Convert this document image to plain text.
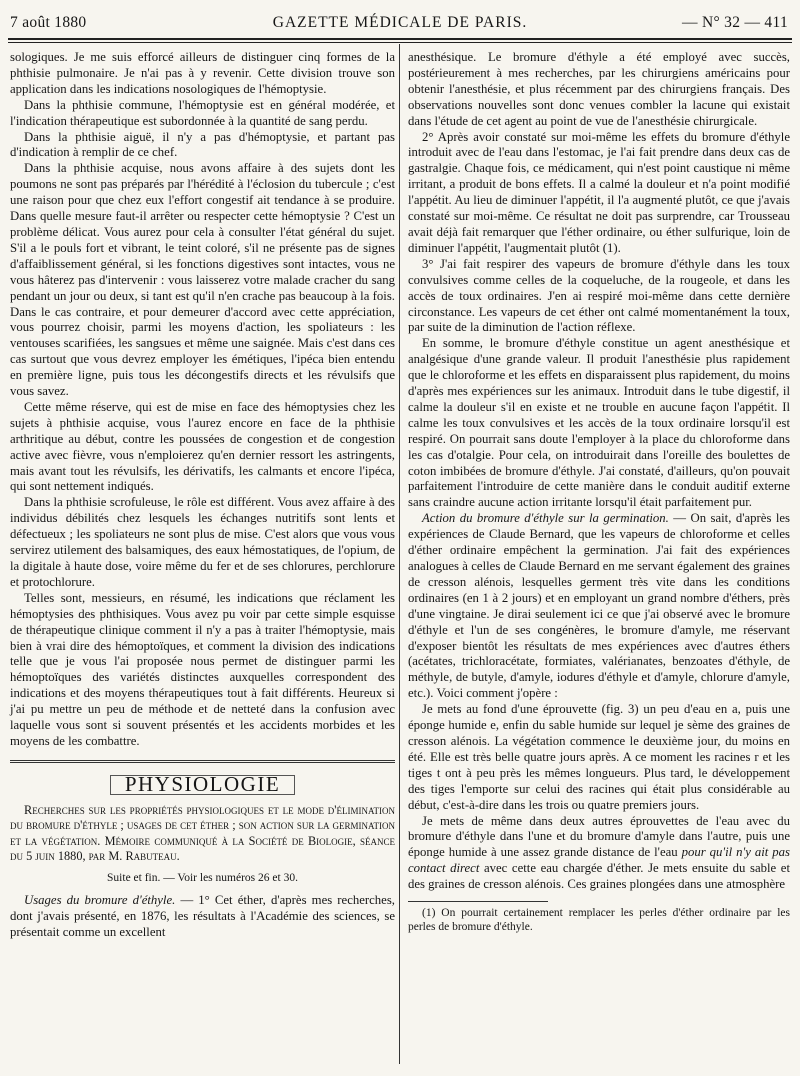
7 août 1880	GAZETTE MÉDICALE DE PARIS.	— N° 32 — 411

sologiques. Je me suis efforcé ailleurs de distinguer cinq formes de la phthisie pulmonaire. Je n'ai pas à y revenir. Cette division trouve son application dans les indications nosologiques de l'hémoptysie.

Dans la phthisie commune, l'hémoptysie est en général modérée, et l'indication thérapeutique est subordonnée à la quantité de sang perdu.

Dans la phthisie aiguë, il n'y a pas d'hémoptysie, et partant pas d'indication à remplir de ce chef.

Dans la phthisie acquise, nous avons affaire à des sujets dont les poumons ne sont pas préparés par l'hérédité à l'éclosion du tubercule ; c'est une raison pour que chez eux l'effort congestif ait tendance à se produire. Dans quelle mesure faut-il arrêter ou respecter cette hémoptysie ? C'est un problème délicat. Vous aurez pour cela à consulter l'état général du sujet. S'il a le pouls fort et vibrant, le teint coloré, s'il ne présente pas de signes d'affaiblissement général, si les fonctions digestives sont intactes, vous ne vous hâterez pas d'intervenir : vous laisserez votre malade cracher du sang pendant un jour ou deux, si tant est qu'il n'en crache pas beaucoup à la fois. Dans le cas contraire, et pour demeurer d'accord avec cette appréciation, vous pourrez choisir, parmi les moyens d'action, les spoliateurs : les ventouses scarifiées, les sangsues et même une saignée. Mais c'est dans ces cas surtout que vous devrez employer les émétiques, l'ipéca bien entendu en première ligne, puis tous les décongestifs directs et les révulsifs que vous savez.

Cette même réserve, qui est de mise en face des hémoptysies chez les sujets à phthisie acquise, vous l'aurez encore en face de la phthisie arthritique au début, contre les poussées de congestion et de congestion active avec fièvre, vous n'emploierez qu'en dernier ressort les astringents, mais avant tout les révulsifs, les dérivatifs, les calmants et encore l'ipéca, qui sont nettement indiqués.

Dans la phthisie scrofuleuse, le rôle est différent. Vous avez affaire à des individus débilités chez lesquels les échanges nutritifs sont lents et défectueux ; les spoliateurs ne sont plus de mise. C'est alors que vous vous servirez utilement des balsamiques, des eaux hémostatiques, de l'opium, de la digitale à haute dose, voire même du fer et de ses chlorures, perchlorure et protochlorure.

Telles sont, messieurs, en résumé, les indications que réclament les hémoptysies des phthisiques. Vous avez pu voir par cette simple esquisse de thérapeutique clinique comment il n'y a pas à traiter l'hémoptysie, mais bien à vrai dire des hémoptoïques, et comment la division des indications telle que je vous l'ai proposée nous permet de distinguer parmi les hémoptoïques des variétés distinctes auxquelles correspondent des indications et des moyens thérapeutiques tout à fait différents. Heureux si j'ai pu mettre un peu de méthode et de netteté dans la confusion avec laquelle vous sont si souvent présentés et les accidents morbides et les moyens de les combattre.

PHYSIOLOGIE

Recherches sur les propriétés physiologiques et le mode d'élimination du bromure d'éthyle ; usages de cet éther ; son action sur la germination et la végétation. Mémoire communiqué à la Société de Biologie, séance du 5 juin 1880, par M. Rabuteau.

Suite et fin. — Voir les numéros 26 et 30.

Usages du bromure d'éthyle. — 1° Cet éther, d'après mes recherches, dont j'avais présenté, en 1876, les résultats à l'Académie des sciences, se présentait comme un excellent

anesthésique. Le bromure d'éthyle a été employé avec succès, postérieurement à mes recherches, par les chirurgiens américains pour obtenir l'anesthésie, et plus récemment par des chirurgiens français. Des observations nouvelles sont donc venues combler la lacune qui existait dans l'étude de cet agent au point de vue de l'anesthésie chirurgicale.

2° Après avoir constaté sur moi-même les effets du bromure d'éthyle introduit avec de l'eau dans l'estomac, je l'ai fait prendre dans deux cas de gastralgie. Chaque fois, ce médicament, qui n'est point caustique ni même irritant, a produit de bons effets. Il a calmé la douleur et n'a point modifié l'appétit. Au lieu de diminuer l'appétit, il l'a augmenté plutôt, ce que j'avais constaté sur moi-même. Ce résultat ne doit pas surprendre, car Trousseau avait déjà fait remarquer que l'éther ordinaire, ou éther sulfurique, loin de diminuer l'appétit, l'augmentait plutôt (1).

3° J'ai fait respirer des vapeurs de bromure d'éthyle dans les toux convulsives comme celles de la coqueluche, de la rougeole, et dans les accès de toux ordinaires. J'en ai respiré moi-même dans cette dernière circonstance. Les vapeurs de cet éther ont calmé momentanément la toux, par suite de la diminution de l'action réflexe.

En somme, le bromure d'éthyle constitue un agent anesthésique et analgésique d'une grande valeur. Il produit l'anesthésie plus rapidement que le chloroforme et les effets en disparaissent plus rapidement, du moins d'après mes expériences sur les animaux. Introduit dans le tube digestif, il calme la douleur s'il en existe et ne trouble en aucune façon l'appétit. Il calme les toux convulsives et les accès de la toux ordinaire lorsqu'il est respiré. On pourrait sans doute l'employer à la place du chloroforme dans les cas d'otalgie. Pour cela, on introduirait dans l'oreille des boulettes de coton imbibées de bromure d'éthyle. J'ai constaté, d'ailleurs, qu'on pouvait parfaitement l'introduire de cette manière dans le conduit auditif externe sans craindre aucune action irritante lorsqu'il était parfaitement pur.

Action du bromure d'éthyle sur la germination. — On sait, d'après les expériences de Claude Bernard, que les vapeurs de chloroforme et celles d'éther ordinaire empêchent la germination. J'ai fait des expériences analogues à celles de Claude Bernard en me servant également des graines de cresson alénois, lesquelles germent très vite dans les conditions ordinaires (en 1 à 2 jours) et en employant un grand nombre d'éthers, près d'une vingtaine. Je dirai seulement ici ce que j'ai observé avec le bromure d'éthyle et l'un de ses congénères, le bromure d'amyle, me réservant d'exposer bientôt les résultats de mes expériences avec d'autres éthers (acétates, trichloracétate, formiates, valérianates, benzoates d'éthyle, de méthyle, de butyle, d'amyle, iodures d'éthyle et d'amyle, chlorure d'amyle, etc.). Voici comment j'opère :

Je mets au fond d'une éprouvette (fig. 3) un peu d'eau en a, puis une éponge humide e, enfin du sable humide sur lequel je sème des graines de cresson alénois. La végétation commence le deuxième jour, du moins en été. Elle est très belle quatre jours après. A ce moment les racines r et les tiges t ont à peu près les mêmes longueurs. Plus tard, le développement des tiges l'emporte sur celui des racines qui était plus considérable au début, c'est-à-dire dans les trois ou quatre premiers jours.

Je mets de même dans deux autres éprouvettes de l'eau avec du bromure d'éthyle dans l'une et du bromure d'amyle dans l'autre, puis une éponge humide à une assez grande distance de l'eau pour qu'il n'y ait pas contact direct avec cette eau chargée d'éther. Je mets ensuite du sable et des graines de cresson alénois. Ces graines plongées dans une atmosphère

(1) On pourrait certainement remplacer les perles d'éther ordinaire par les perles de bromure d'éthyle.
